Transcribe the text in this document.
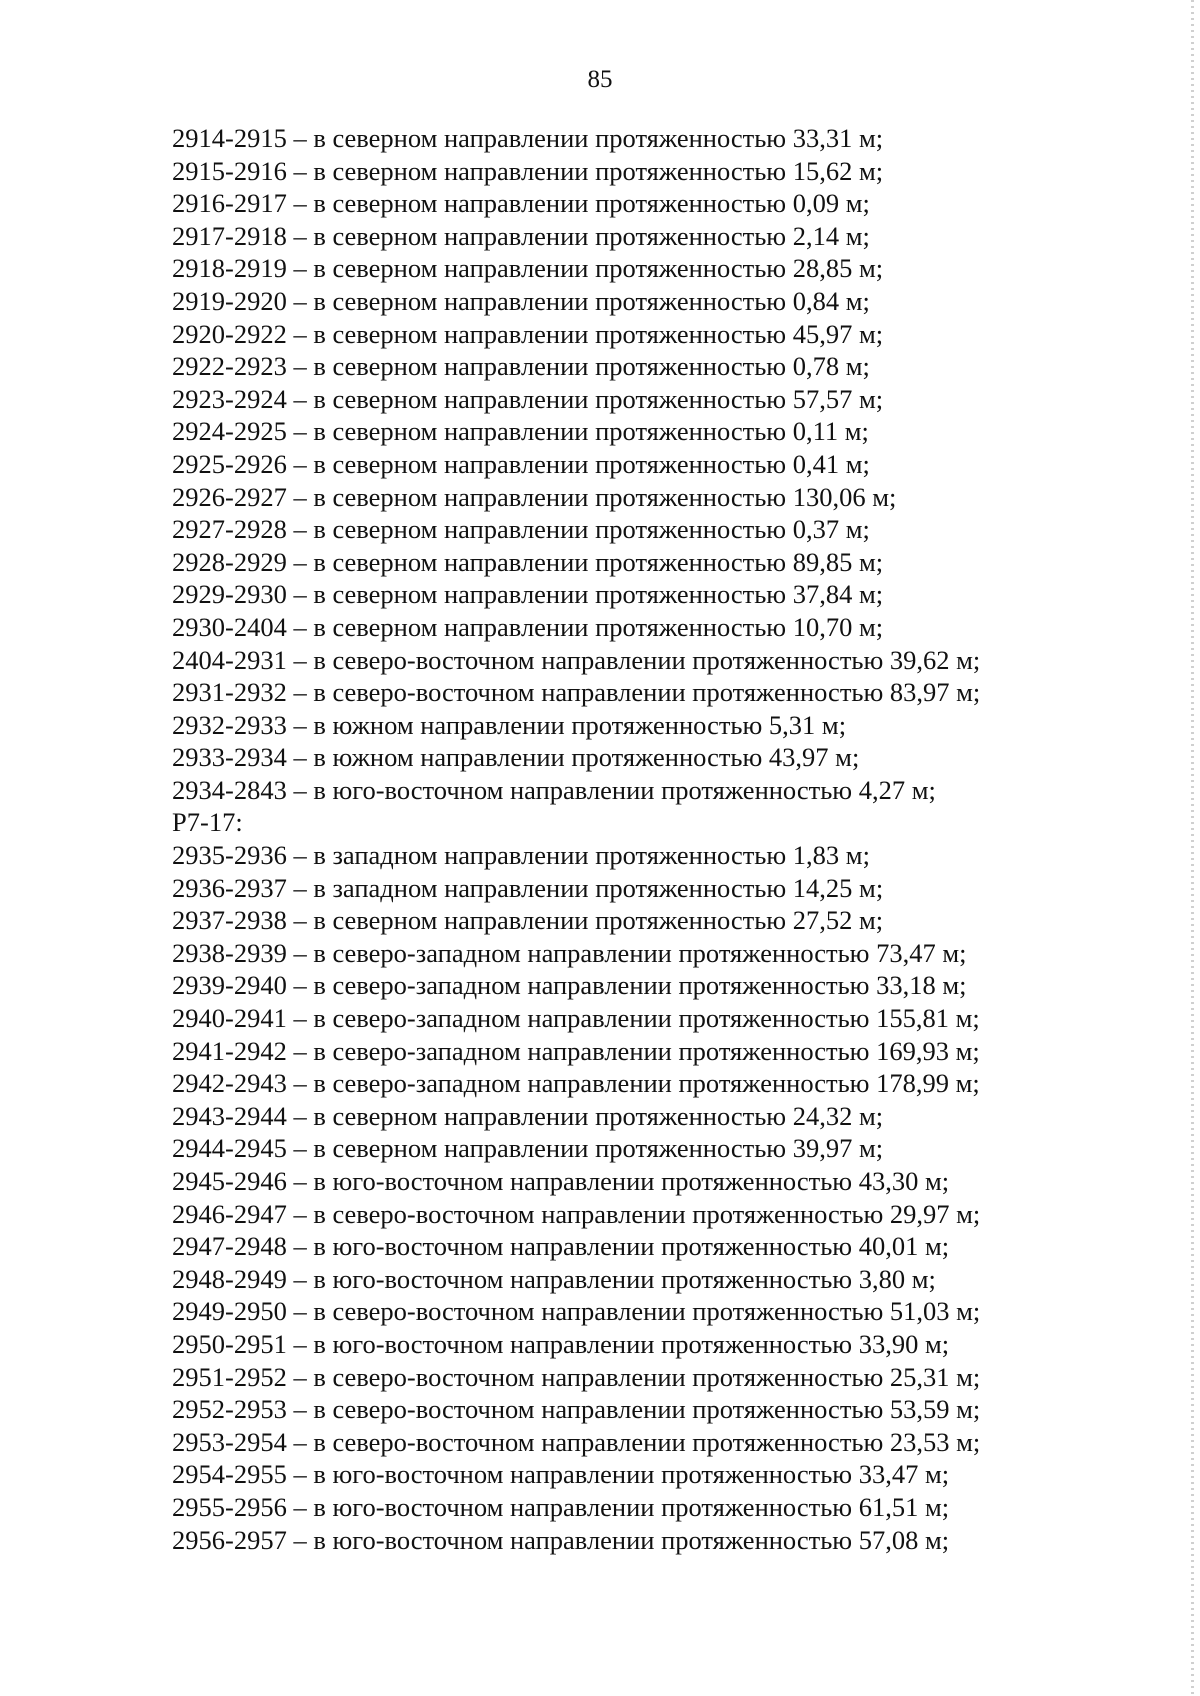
85
2914-2915 – в северном направлении протяженностью 33,31 м;
2915-2916 – в северном направлении протяженностью 15,62 м;
2916-2917 – в северном направлении протяженностью 0,09 м;
2917-2918 – в северном направлении протяженностью 2,14 м;
2918-2919 – в северном направлении протяженностью 28,85 м;
2919-2920 – в северном направлении протяженностью 0,84 м;
2920-2922 – в северном направлении протяженностью 45,97 м;
2922-2923 – в северном направлении протяженностью 0,78 м;
2923-2924 – в северном направлении протяженностью 57,57 м;
2924-2925 – в северном направлении протяженностью 0,11 м;
2925-2926 – в северном направлении протяженностью 0,41 м;
2926-2927 – в северном направлении протяженностью 130,06 м;
2927-2928 – в северном направлении протяженностью 0,37 м;
2928-2929 – в северном направлении протяженностью 89,85 м;
2929-2930 – в северном направлении протяженностью 37,84 м;
2930-2404 – в северном направлении протяженностью 10,70 м;
2404-2931 – в северо-восточном направлении протяженностью 39,62 м;
2931-2932 – в северо-восточном направлении протяженностью 83,97 м;
2932-2933 – в южном направлении протяженностью 5,31 м;
2933-2934 – в южном направлении протяженностью 43,97 м;
2934-2843 – в юго-восточном направлении протяженностью 4,27 м;
Р7-17:
2935-2936 – в западном направлении протяженностью 1,83 м;
2936-2937 – в западном направлении протяженностью 14,25 м;
2937-2938 – в северном направлении протяженностью 27,52 м;
2938-2939 – в северо-западном направлении протяженностью 73,47 м;
2939-2940 – в северо-западном направлении протяженностью 33,18 м;
2940-2941 – в северо-западном направлении протяженностью 155,81 м;
2941-2942 – в северо-западном направлении протяженностью 169,93 м;
2942-2943 – в северо-западном направлении протяженностью 178,99 м;
2943-2944 – в северном направлении протяженностью 24,32 м;
2944-2945 – в северном направлении протяженностью 39,97 м;
2945-2946 – в юго-восточном направлении протяженностью 43,30 м;
2946-2947 – в северо-восточном направлении протяженностью 29,97 м;
2947-2948 – в юго-восточном направлении протяженностью 40,01 м;
2948-2949 – в юго-восточном направлении протяженностью 3,80 м;
2949-2950 – в северо-восточном направлении протяженностью 51,03 м;
2950-2951 – в юго-восточном направлении протяженностью 33,90 м;
2951-2952 – в северо-восточном направлении протяженностью 25,31 м;
2952-2953 – в северо-восточном направлении протяженностью 53,59 м;
2953-2954 – в северо-восточном направлении протяженностью 23,53 м;
2954-2955 – в юго-восточном направлении протяженностью 33,47 м;
2955-2956 – в юго-восточном направлении протяженностью 61,51 м;
2956-2957 – в юго-восточном направлении протяженностью 57,08 м;
